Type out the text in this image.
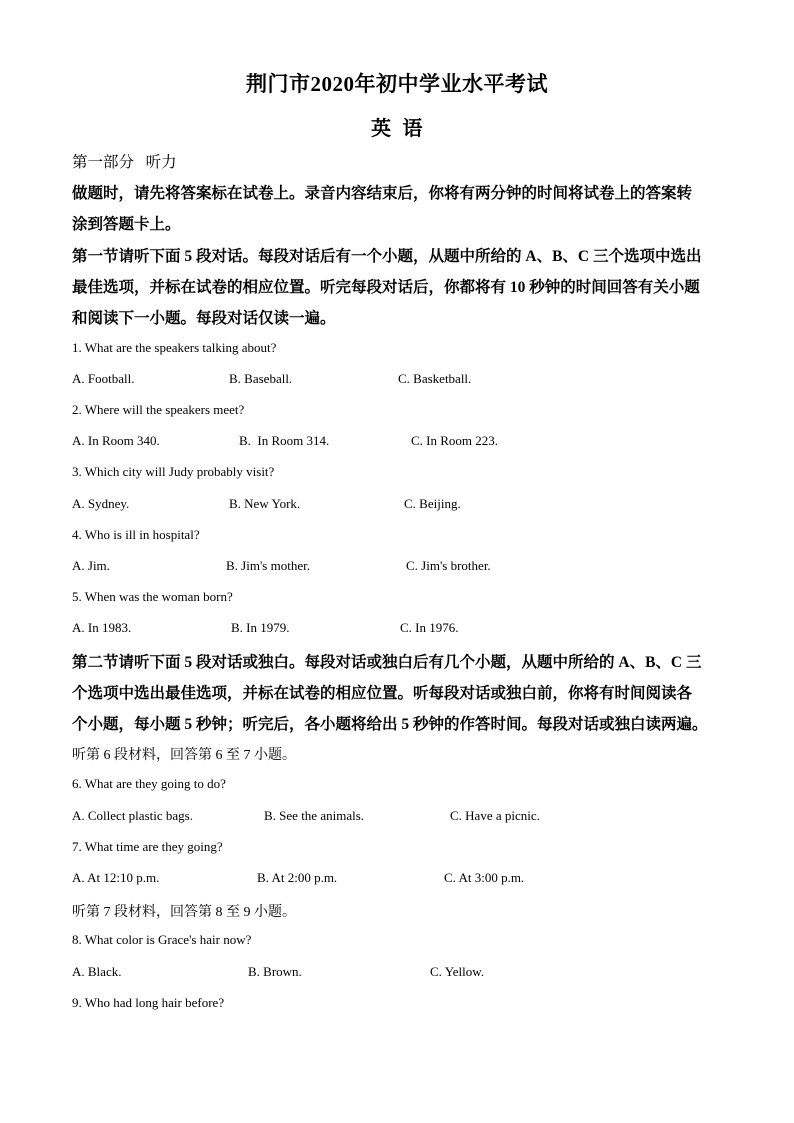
荆门市2020年初中学业水平考试
英  语
第一部分   听力
做题时，请先将答案标在试卷上。录音内容结束后，你将有两分钟的时间将试卷上的答案转
涂到答题卡上。
第一节请听下面 5 段对话。每段对话后有一个小题，从题中所给的 A、B、C 三个选项中选出
最佳选项，并标在试卷的相应位置。听完每段对话后，你都将有 10 秒钟的时间回答有关小题
和阅读下一小题。每段对话仅读一遍。
1. What are the speakers talking about?
A. Football.	B. Baseball.	C. Basketball.
2. Where will the speakers meet?
A. In Room 340.	B.  In Room 314.	C. In Room 223.
3. Which city will Judy probably visit?
A. Sydney.	B. New York.	C. Beijing.
4. Who is ill in hospital?
A. Jim.	B. Jim's mother.	C. Jim's brother.
5. When was the woman born?
A. In 1983.	B. In 1979.	C. In 1976.
第二节请听下面 5 段对话或独白。每段对话或独白后有几个小题，从题中所给的 A、B、C 三
个选项中选出最佳选项，并标在试卷的相应位置。听每段对话或独白前，你将有时间阅读各
个小题，每小题 5 秒钟；听完后，各小题将给出 5 秒钟的作答时间。每段对话或独白读两遍。
听第 6 段材料，回答第 6 至 7 小题。
6. What are they going to do?
A. Collect plastic bags.	B. See the animals.	C. Have a picnic.
7. What time are they going?
A. At 12:10 p.m.	B. At 2:00 p.m.	C. At 3:00 p.m.
听第 7 段材料，回答第 8 至 9 小题。
8. What color is Grace's hair now?
A. Black.	B. Brown.	C. Yellow.
9. Who had long hair before?
